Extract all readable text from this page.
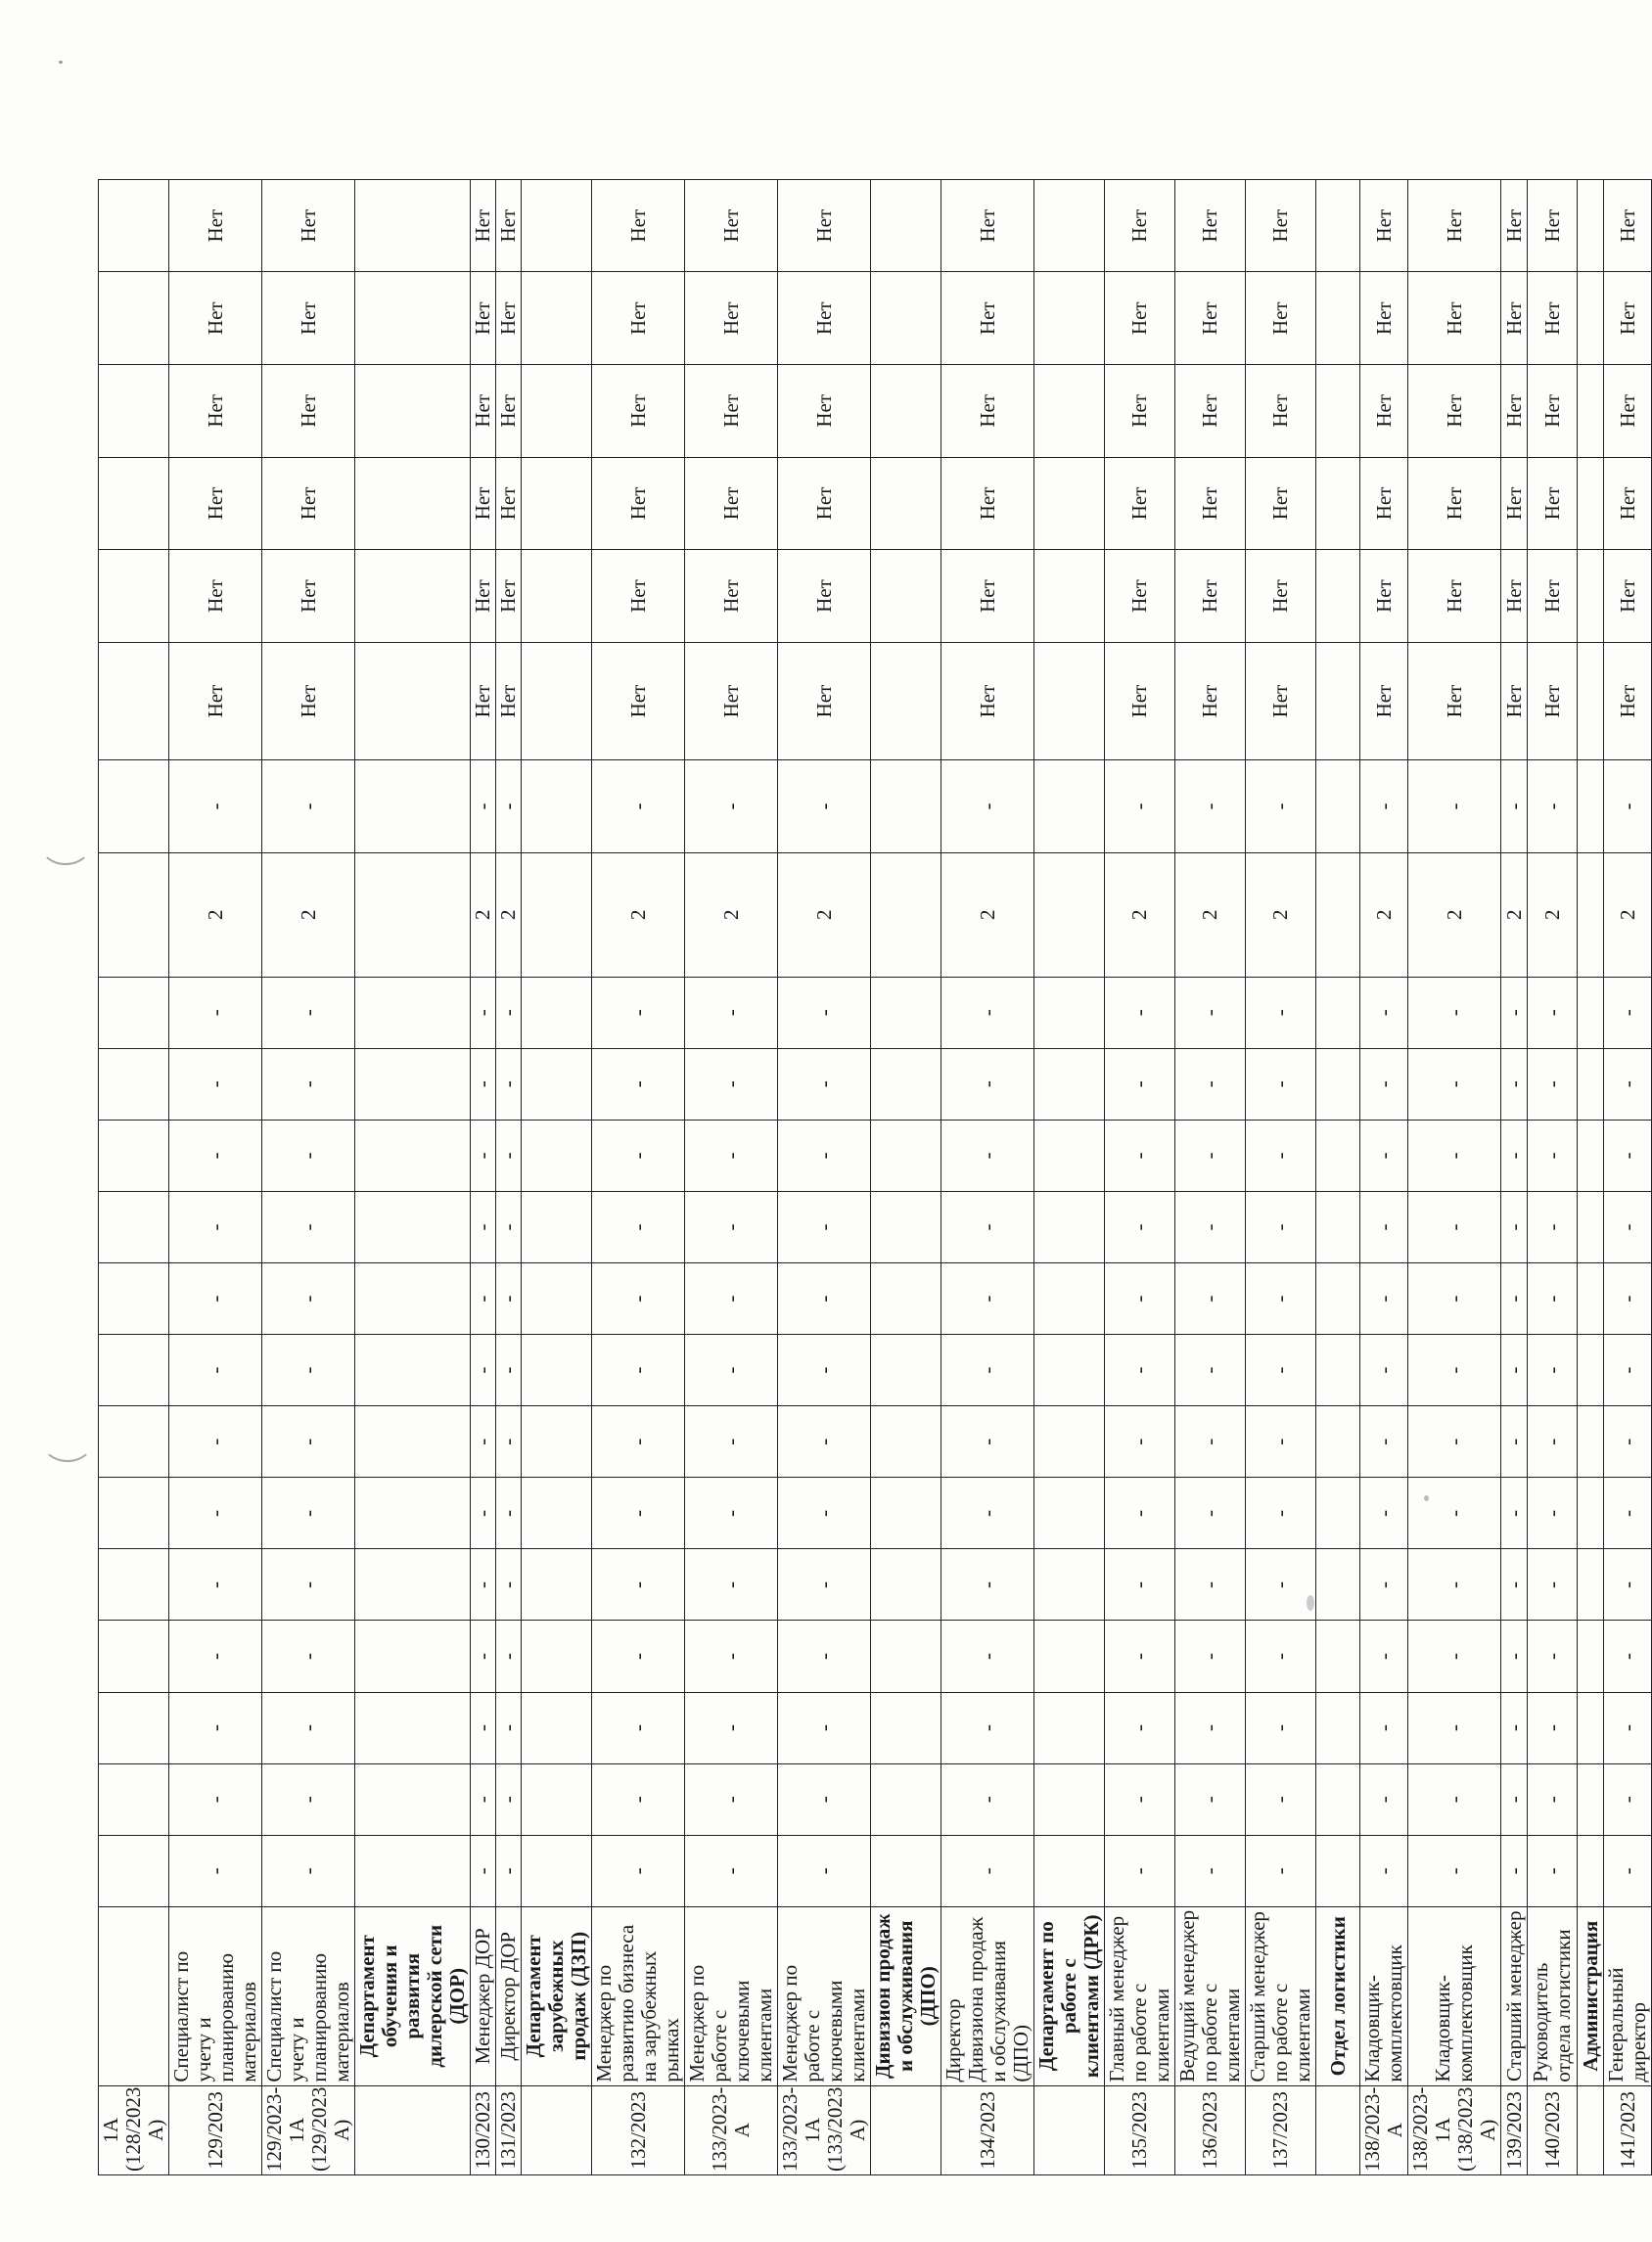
1А (128/2023 А)																						
129/2023	Специалист по учету и планированию материалов	-	-	-	-	-	-	-	-	-	-	-	-	-	2	-	Нет	Нет	Нет	Нет	Нет	Нет
129/2023-1А (129/2023 А)	Специалист по учету и планированию материалов	-	-	-	-	-	-	-	-	-	-	-	-	-	2	-	Нет	Нет	Нет	Нет	Нет	Нет
	Департамент обучения и развития дилерской сети (ДОР)																					
130/2023	Менеджер ДОР	-	-	-	-	-	-	-	-	-	-	-	-	-	2	-	Нет	Нет	Нет	Нет	Нет	Нет
131/2023	Директор ДОР	-	-	-	-	-	-	-	-	-	-	-	-	-	2	-	Нет	Нет	Нет	Нет	Нет	Нет
	Департамент зарубежных продаж (ДЗП)																					
132/2023	Менеджер по развитию бизнеса на зарубежных рынках	-	-	-	-	-	-	-	-	-	-	-	-	-	2	-	Нет	Нет	Нет	Нет	Нет	Нет
133/2023-А	Менеджер по работе с ключевыми клиентами	-	-	-	-	-	-	-	-	-	-	-	-	-	2	-	Нет	Нет	Нет	Нет	Нет	Нет
133/2023-1А (133/2023 А)	Менеджер по работе с ключевыми клиентами	-	-	-	-	-	-	-	-	-	-	-	-	-	2	-	Нет	Нет	Нет	Нет	Нет	Нет
	Дивизион продаж и обслуживания (ДПО)																					
134/2023	Директор Дивизиона продаж и обслуживания (ДПО)	-	-	-	-	-	-	-	-	-	-	-	-	-	2	-	Нет	Нет	Нет	Нет	Нет	Нет
	Департамент по работе с клиентами (ДРК)																					
135/2023	Главный менеджер по работе с клиентами	-	-	-	-	-	-	-	-	-	-	-	-	-	2	-	Нет	Нет	Нет	Нет	Нет	Нет
136/2023	Ведущий менеджер по работе с клиентами	-	-	-	-	-	-	-	-	-	-	-	-	-	2	-	Нет	Нет	Нет	Нет	Нет	Нет
137/2023	Старший менеджер по работе с клиентами	-	-	-	-	-	-	-	-	-	-	-	-	-	2	-	Нет	Нет	Нет	Нет	Нет	Нет
	Отдел логистики																					
138/2023-А	Кладовщик-комплектовщик	-	-	-	-	-	-	-	-	-	-	-	-	-	2	-	Нет	Нет	Нет	Нет	Нет	Нет
138/2023-1А (138/2023 А)	Кладовщик-комплектовщик	-	-	-	-	-	-	-	-	-	-	-	-	-	2	-	Нет	Нет	Нет	Нет	Нет	Нет
139/2023	Старший менеджер	-	-	-	-	-	-	-	-	-	-	-	-	-	2	-	Нет	Нет	Нет	Нет	Нет	Нет
140/2023	Руководитель отдела логистики	-	-	-	-	-	-	-	-	-	-	-	-	-	2	-	Нет	Нет	Нет	Нет	Нет	Нет
	Администрация																					
141/2023	Генеральный директор	-	-	-	-	-	-	-	-	-	-	-	-	-	2	-	Нет	Нет	Нет	Нет	Нет	Нет
